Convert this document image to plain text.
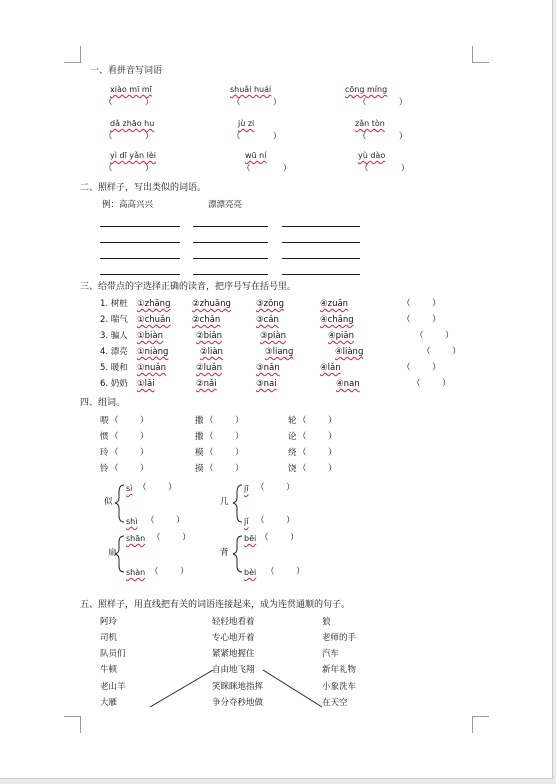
一、看拼音写词语
xiào mī mī	shuǎi huái	cōng míng
（            ）	（            ）	（            ）
dǎ zhāo hu	jù zi	zǎn tòn
（            ）	（            ）	（            ）
yì dī yǎn lèi	wū ní	yù dào
（            ）	（            ）	（            ）
二、照样子，写出类似的词语。
例：高高兴兴	漂漂亮亮
三、给带点的字选择正确的读音，把序号写在括号里。
1. 树桩 ①zhāng	②zhuāng	③zōng	④zuān	（        ）
2. 喘气 ①chuǎn	②chǎn	③cǎn	④chāng	（        ）
3. 骗人 ①biàn	②biǎn	③piàn	④piān	（        ）
4. 漂亮 ①niàng	②liàn	③liang	④liàng	（        ）
5. 暖和 ①nuǎn	②luǎn	③nǎn	④lǎn	（        ）
6. 奶奶 ①lǎi	②nǎi	③nai	④nan	（        ）
四、组词。
喂 （        ）	撒 （        ）	轮 （        ）
惯 （        ）	撒 （        ）	论 （        ）
玲 （        ）	模 （        ）	绕 （        ）
铃 （        ）	摸 （        ）	饶 （        ）
似
sì （        ）
shì （        ）
几
jī （        ）
jǐ （        ）
扇
shān （        ）
shàn （        ）
背
bēi （        ）
bèi （        ）
五、照样子，用直线把有关的词语连接起来，成为连贯通顺的句子。
阿玲	轻轻地看着	狼
司机	专心地开着	老师的手
队员们	紧紧地握住	汽车
牛顿	自由地飞翔	新年礼物
老山羊	笑眯眯地指挥	小象洗车
大雁	争分夺秒地做	在天空
